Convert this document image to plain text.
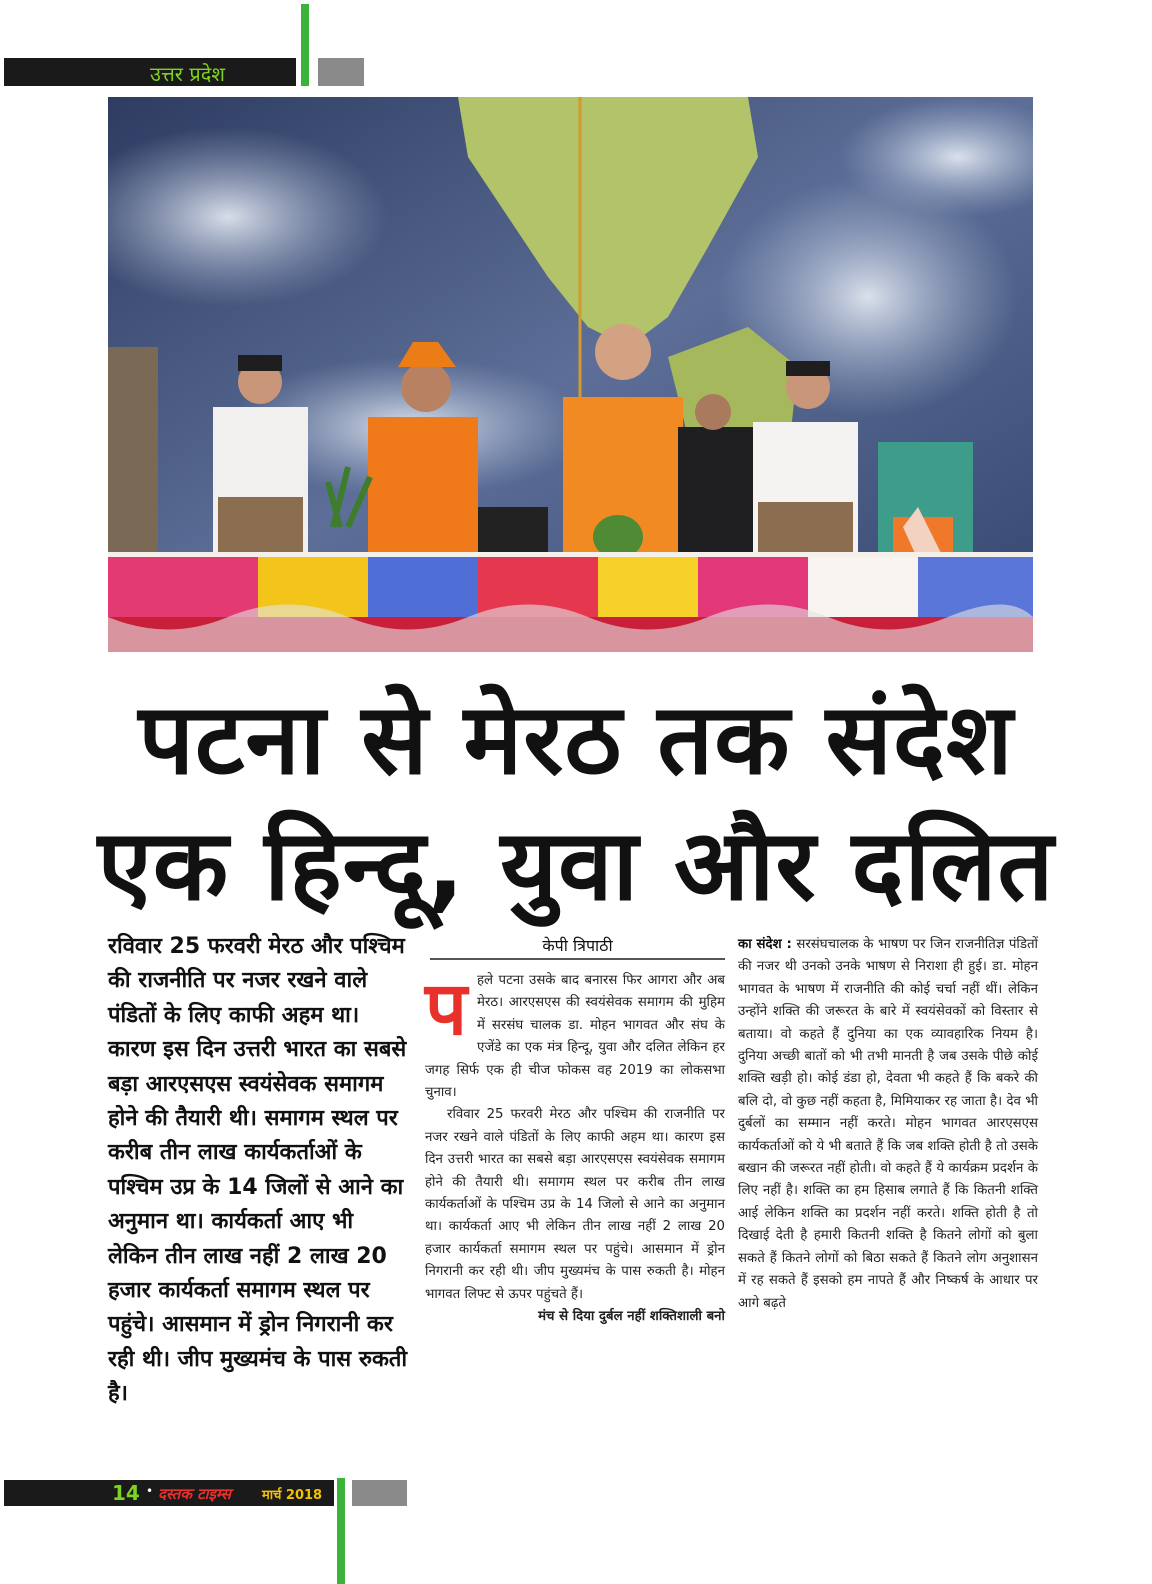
उत्तर प्रदेश
पटना से मेरठ तक संदेश
एक हिन्दू, युवा और दलित
रविवार 25 फरवरी मेरठ और पश्चिम की राजनीति पर नजर रखने वाले पंडितों के लिए काफी अहम था। कारण इस दिन उत्तरी भारत का सबसे बड़ा आरएसएस स्वयंसेवक समागम होने की तैयारी थी। समागम स्थल पर करीब तीन लाख कार्यकर्ताओं के पश्चिम उप्र के 14 जिलों से आने का अनुमान था। कार्यकर्ता आए भी लेकिन तीन लाख नहीं 2 लाख 20 हजार कार्यकर्ता समागम स्थल पर पहुंचे। आसमान में ड्रोन निगरानी कर रही थी। जीप मुख्यमंच के पास रुकती है।
केपी त्रिपाठी
प हले पटना उसके बाद बनारस फिर आगरा और अब मेरठ। आरएसएस की स्वयंसेवक समागम की मुहिम में सरसंघ चालक डा. मोहन भागवत और संघ के एजेंडे का एक मंत्र हिन्दू, युवा और दलित लेकिन हर जगह सिर्फ एक ही चीज फोकस वह 2019 का लोकसभा चुनाव।

रविवार 25 फरवरी मेरठ और पश्चिम की राजनीति पर नजर रखने वाले पंडितों के लिए काफी अहम था। कारण इस दिन उत्तरी भारत का सबसे बड़ा आरएसएस स्वयंसेवक समागम होने की तैयारी थी। समागम स्थल पर करीब तीन लाख कार्यकर्ताओं के पश्चिम उप्र के 14 जिलो से आने का अनुमान था। कार्यकर्ता आए भी लेकिन तीन लाख नहीं 2 लाख 20 हजार कार्यकर्ता समागम स्थल पर पहुंचे। आसमान में ड्रोन निगरानी कर रही थी। जीप मुख्यमंच के पास रुकती है। मोहन भागवत लिफ्ट से ऊपर पहुंचते हैं।

मंच से दिया दुर्बल नहीं शक्तिशाली बनो

का संदेश : सरसंघचालक के भाषण पर जिन राजनीतिज्ञ पंडितों की नजर थी उनको उनके भाषण से निराशा ही हुई। डा. मोहन भागवत के भाषण में राजनीति की कोई चर्चा नहीं थीं। लेकिन उन्होंने शक्ति की जरूरत के बारे में स्वयंसेवकों को विस्तार से बताया। वो कहते हैं दुनिया का एक व्यावहारिक नियम है। दुनिया अच्छी बातों को भी तभी मानती है जब उसके पीछे कोई शक्ति खड़ी हो। कोई डंडा हो, देवता भी कहते हैं कि बकरे की बलि दो, वो कुछ नहीं कहता है, मिमियाकर रह जाता है। देव भी दुर्बलों का सम्मान नहीं करते। मोहन भागवत आरएसएस कार्यकर्ताओं को ये भी बताते हैं कि जब शक्ति होती है तो उसके बखान की जरूरत नहीं होती। वो कहते हैं ये कार्यक्रम प्रदर्शन के लिए नहीं है। शक्ति का हम हिसाब लगाते हैं कि कितनी शक्ति आई लेकिन शक्ति का प्रदर्शन नहीं करते। शक्ति होती है तो दिखाई देती है हमारी कितनी शक्ति है कितने लोगों को बुला सकते हैं कितने लोगों को बिठा सकते हैं कितने लोग अनुशासन में रह सकते हैं इसको हम नापते हैं और निष्कर्ष के आधार पर आगे बढ़ते
14 • दस्तक टाइम्स मार्च 2018
